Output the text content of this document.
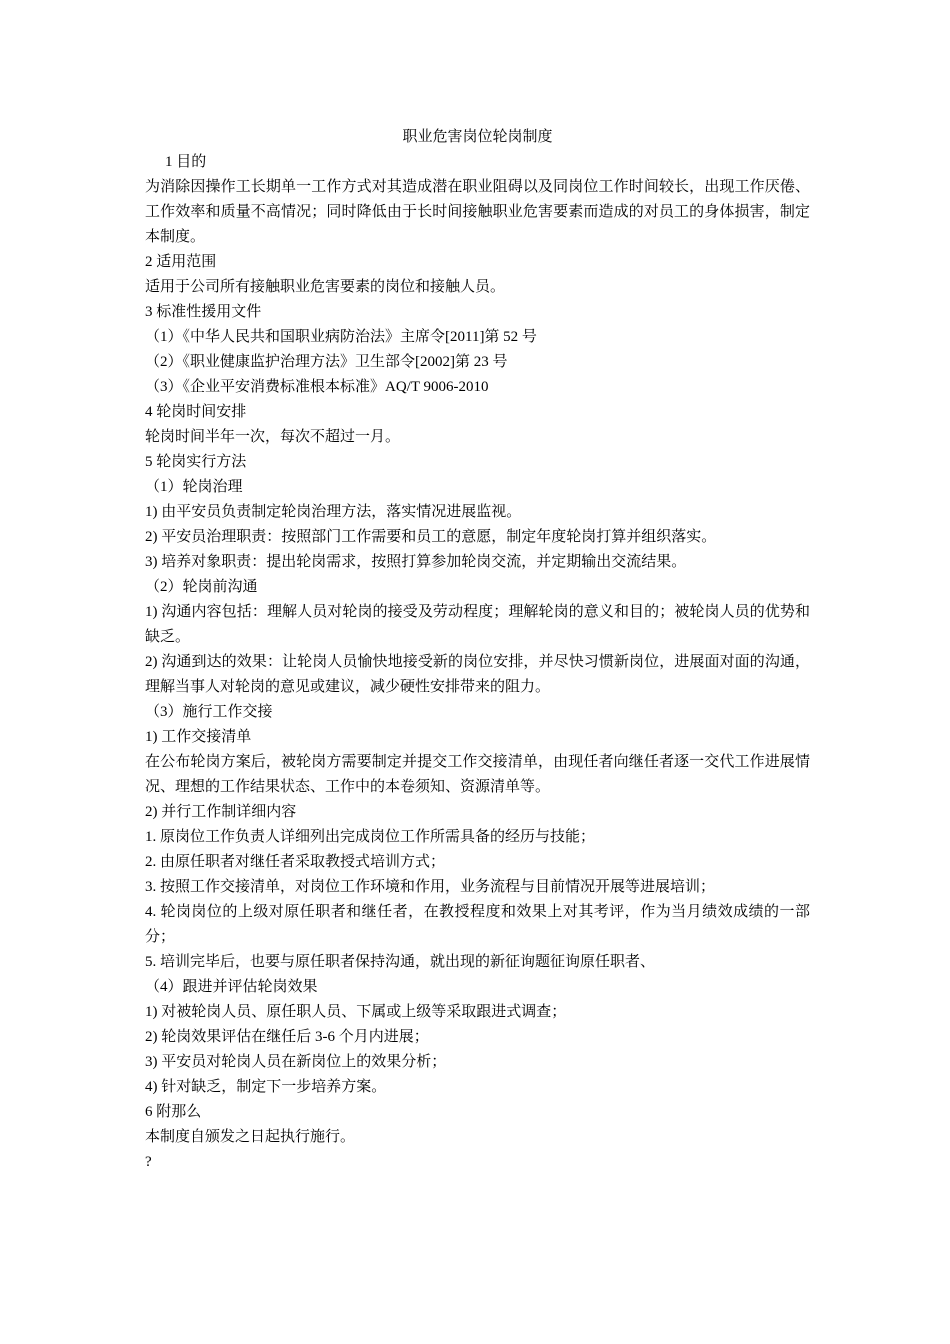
职业危害岗位轮岗制度

1 目的

为消除因操作工长期单一工作方式对其造成潜在职业阻碍以及同岗位工作时间较长，出现工作厌倦、工作效率和质量不高情况；同时降低由于长时间接触职业危害要素而造成的对员工的身体损害，制定本制度。

2 适用范围

适用于公司所有接触职业危害要素的岗位和接触人员。

3 标准性援用文件

（1）《中华人民共和国职业病防治法》主席令[2011]第 52 号

（2）《职业健康监护治理方法》卫生部令[2002]第 23 号

（3）《企业平安消费标准根本标准》AQ/T 9006-2010

4 轮岗时间安排

轮岗时间半年一次，每次不超过一月。

5 轮岗实行方法

（1）轮岗治理

1) 由平安员负责制定轮岗治理方法，落实情况进展监视。

2) 平安员治理职责：按照部门工作需要和员工的意愿，制定年度轮岗打算并组织落实。

3) 培养对象职责：提出轮岗需求，按照打算参加轮岗交流，并定期输出交流结果。

（2）轮岗前沟通

1) 沟通内容包括：理解人员对轮岗的接受及劳动程度；理解轮岗的意义和目的；被轮岗人员的优势和缺乏。

2) 沟通到达的效果：让轮岗人员愉快地接受新的岗位安排，并尽快习惯新岗位，进展面对面的沟通，理解当事人对轮岗的意见或建议，减少硬性安排带来的阻力。

（3）施行工作交接

1) 工作交接清单

在公布轮岗方案后，被轮岗方需要制定并提交工作交接清单，由现任者向继任者逐一交代工作进展情况、理想的工作结果状态、工作中的本卷须知、资源清单等。

2) 并行工作制详细内容

1. 原岗位工作负责人详细列出完成岗位工作所需具备的经历与技能；

2. 由原任职者对继任者采取教授式培训方式；

3. 按照工作交接清单，对岗位工作环境和作用，业务流程与目前情况开展等进展培训；

4. 轮岗岗位的上级对原任职者和继任者，在教授程度和效果上对其考评，作为当月绩效成绩的一部分；

5. 培训完毕后，也要与原任职者保持沟通，就出现的新征询题征询原任职者、

（4）跟进并评估轮岗效果

1) 对被轮岗人员、原任职人员、下属或上级等采取跟进式调查；

2) 轮岗效果评估在继任后 3-6 个月内进展；

3) 平安员对轮岗人员在新岗位上的效果分析；

4) 针对缺乏，制定下一步培养方案。

6 附那么

本制度自颁发之日起执行施行。

?
